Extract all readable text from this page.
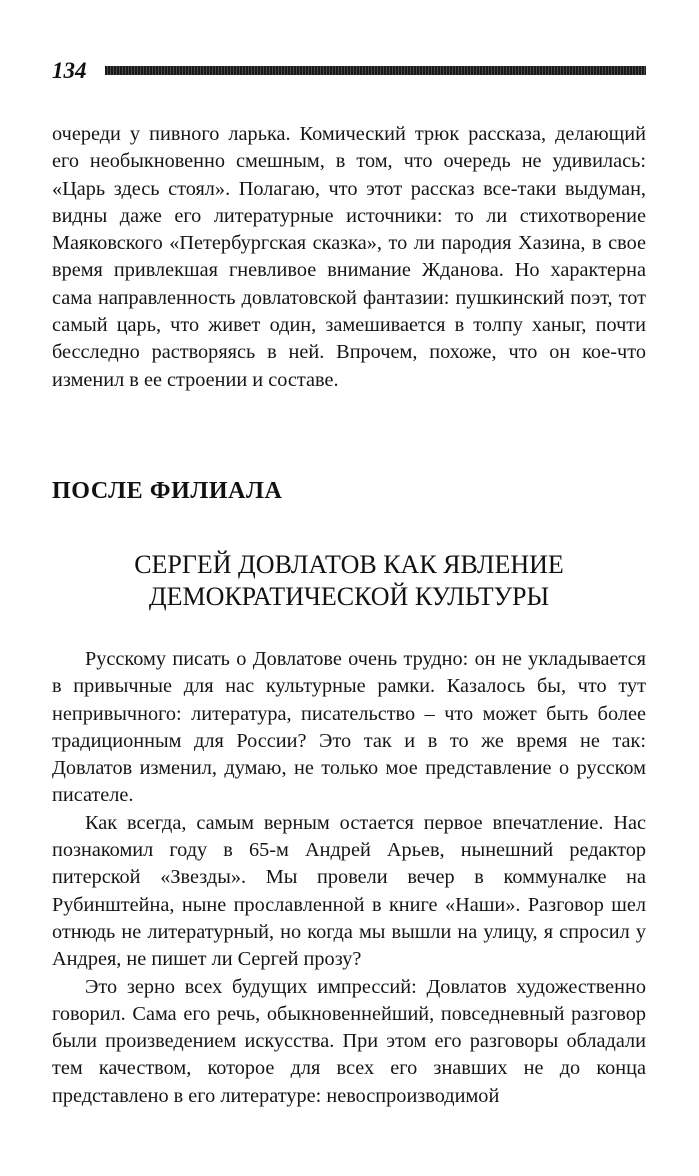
134

очереди у пивного ларька. Комический трюк рассказа, делающий его необыкновенно смешным, в том, что очередь не удивилась: «Царь здесь стоял». Полагаю, что этот рассказ все-таки выдуман, видны даже его литературные источники: то ли стихотворение Маяковского «Петербургская сказка», то ли пародия Хазина, в свое время привлекшая гневливое внимание Жданова. Но характерна сама направленность довлатовской фантазии: пушкинский поэт, тот самый царь, что живет один, замешивается в толпу ханыг, почти бесследно растворяясь в ней. Впрочем, похоже, что он кое-что изменил в ее строении и составе.

ПОСЛЕ ФИЛИАЛА
СЕРГЕЙ ДОВЛАТОВ КАК ЯВЛЕНИЕ
ДЕМОКРАТИЧЕСКОЙ КУЛЬТУРЫ

Русскому писать о Довлатове очень трудно: он не укладывается в привычные для нас культурные рамки. Казалось бы, что тут непривычного: литература, писательство – что может быть более традиционным для России? Это так и в то же время не так: Довлатов изменил, думаю, не только мое представление о русском писателе.

Как всегда, самым верным остается первое впечатление. Нас познакомил году в 65-м Андрей Арьев, нынешний редактор питерской «Звезды». Мы провели вечер в коммуналке на Рубинштейна, ныне прославленной в книге «Наши». Разговор шел отнюдь не литературный, но когда мы вышли на улицу, я спросил у Андрея, не пишет ли Сергей прозу?

Это зерно всех будущих импрессий: Довлатов художественно говорил. Сама его речь, обыкновеннейший, повседневный разговор были произведением искусства. При этом его разговоры обладали тем качеством, которое для всех его знавших не до конца представлено в его литературе: невоспроизводимой
